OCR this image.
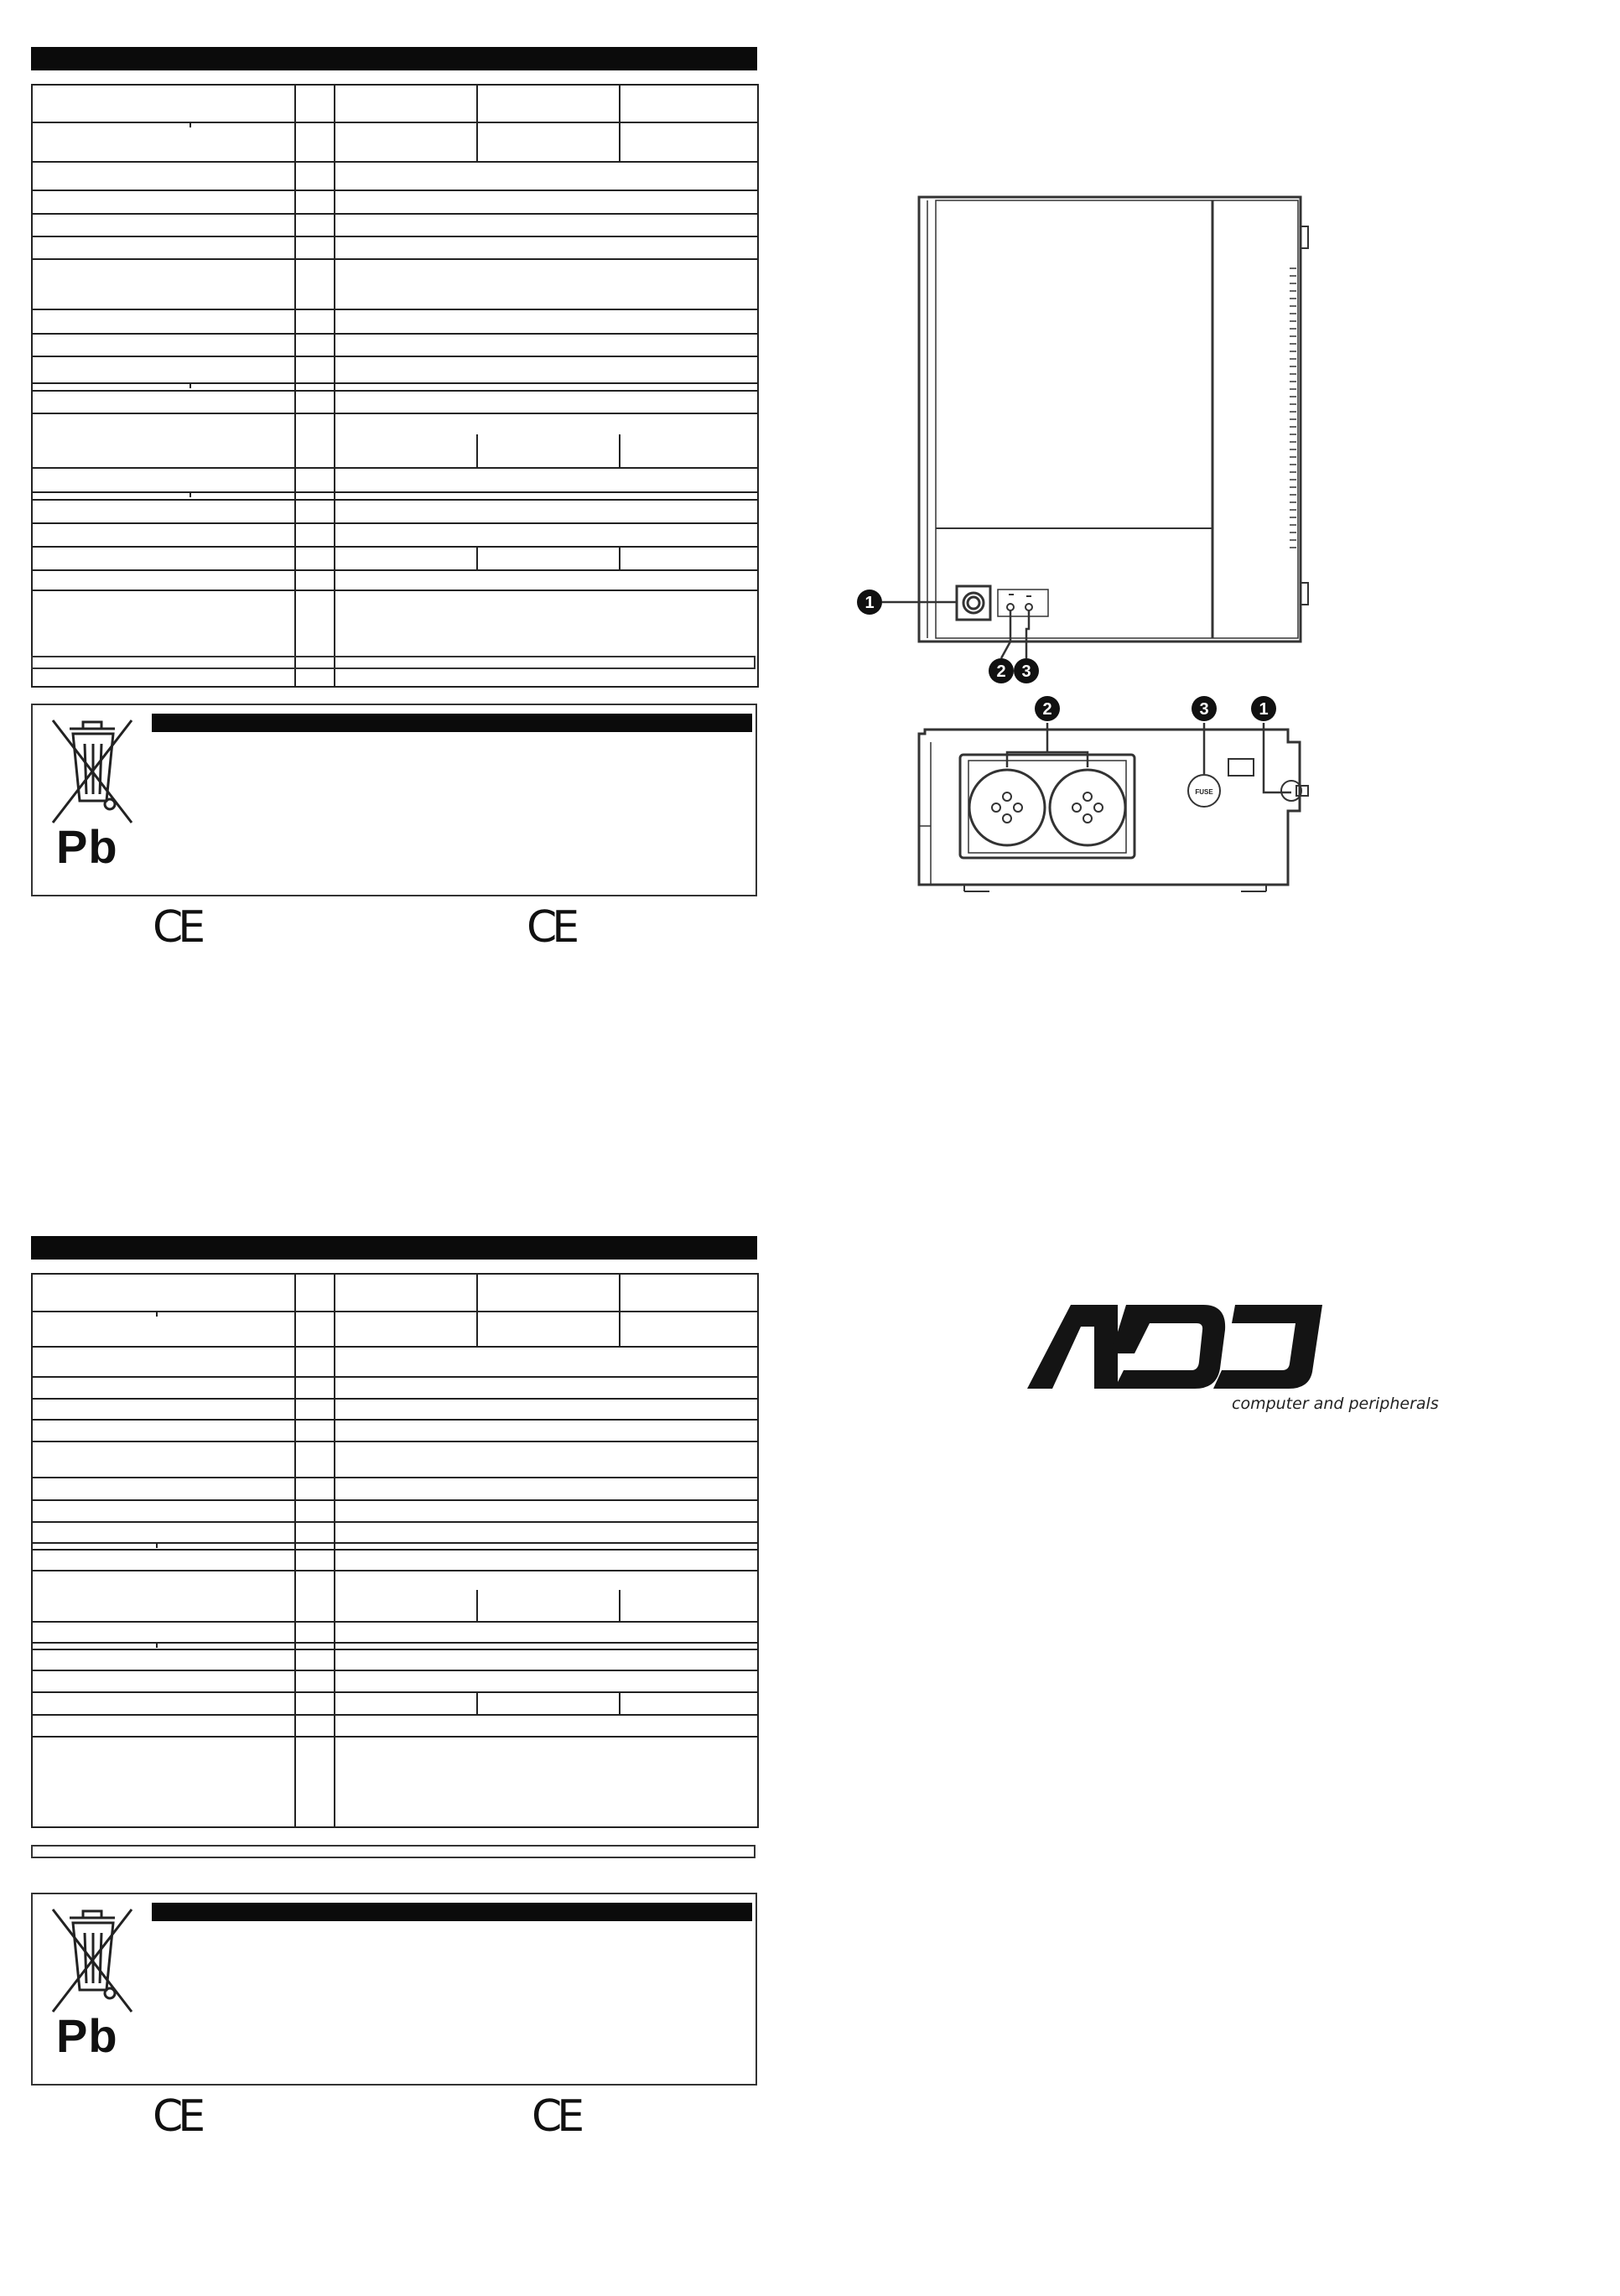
Pb
CE	CE
Pb
CE	CE
1
2 3
FUSE
2	3	1
computer and peripherals
